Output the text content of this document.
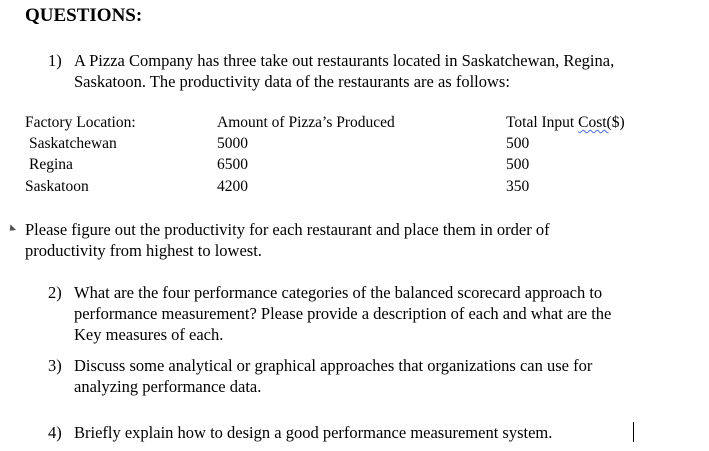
QUESTIONS:
1) A Pizza Company has three take out restaurants located in Saskatchewan, Regina,
Saskatoon. The productivity data of the restaurants are as follows:
Factory Location:	Amount of Pizza’s Produced	Total Input Cost($)
Saskatchewan	5000	500
Regina	6500	500
Saskatoon	4200	350
Please figure out the productivity for each restaurant and place them in order of
productivity from highest to lowest.
2) What are the four performance categories of the balanced scorecard approach to
performance measurement? Please provide a description of each and what are the
Key measures of each.
3) Discuss some analytical or graphical approaches that organizations can use for
analyzing performance data.
4) Briefly explain how to design a good performance measurement system.
